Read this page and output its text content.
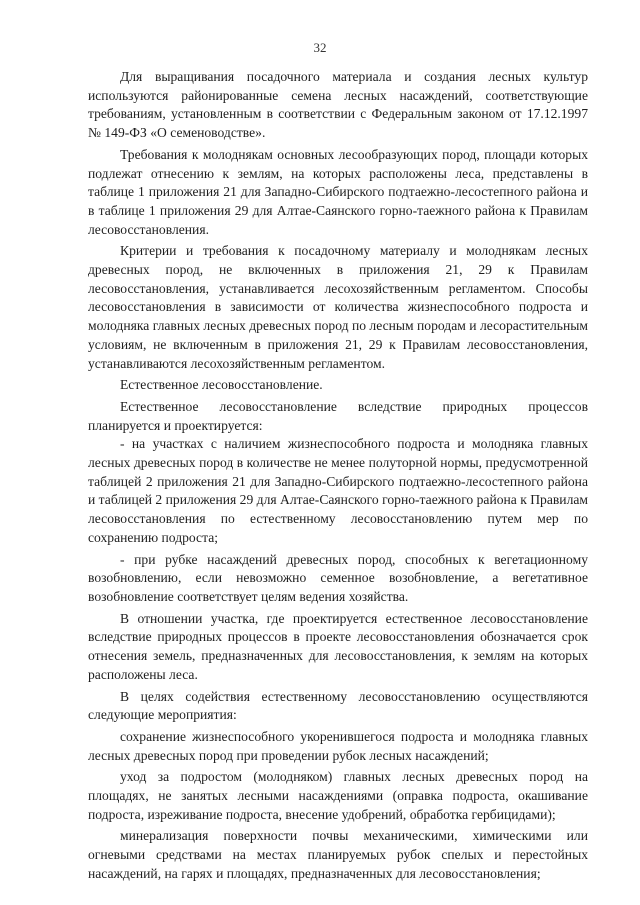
32

Для выращивания посадочного материала и создания лесных культур используются районированные семена лесных насаждений, соответствующие требованиям, установленным в соответствии с Федеральным законом от 17.12.1997 № 149-ФЗ «О семеноводстве».

Требования к молоднякам основных лесообразующих пород, площади которых подлежат отнесению к землям, на которых расположены леса, представлены в таблице 1 приложения 21 для Западно-Сибирского подтаежно-лесостепного района и в таблице 1 приложения 29 для Алтае-Саянского горно-таежного района к Правилам лесовосстановления.

Критерии и требования к посадочному материалу и молоднякам лесных древесных пород, не включенных в приложения 21, 29 к Правилам лесовосстановления, устанавливается лесохозяйственным регламентом. Способы лесовосстановления в зависимости от количества жизнеспособного подроста и молодняка главных лесных древесных пород по лесным породам и лесорастительным условиям, не включенным в приложения 21, 29 к Правилам лесовосстановления, устанавливаются лесохозяйственным регламентом.

Естественное лесовосстановление.

Естественное лесовосстановление вследствие природных процессов планируется и проектируется:

- на участках с наличием жизнеспособного подроста и молодняка главных лесных древесных пород в количестве не менее полуторной нормы, предусмотренной таблицей 2 приложения 21 для Западно-Сибирского подтаежно-лесостепного района и таблицей 2 приложения 29 для Алтае-Саянского горно-таежного района к Правилам лесовосстановления по естественному лесовосстановлению путем мер по сохранению подроста;

- при рубке насаждений древесных пород, способных к вегетационному возобновлению, если невозможно семенное возобновление, а вегетативное возобновление соответствует целям ведения хозяйства.

В отношении участка, где проектируется естественное лесовосстановление вследствие природных процессов в проекте лесовосстановления обозначается срок отнесения земель, предназначенных для лесовосстановления, к землям на которых расположены леса.

В целях содействия естественному лесовосстановлению осуществляются следующие мероприятия:

сохранение жизнеспособного укоренившегося подроста и молодняка главных лесных древесных пород при проведении рубок лесных насаждений;

уход за подростом (молодняком) главных лесных древесных пород на площадях, не занятых лесными насаждениями (оправка подроста, окашивание подроста, изреживание подроста, внесение удобрений, обработка гербицидами);

минерализация поверхности почвы механическими, химическими или огневыми средствами на местах планируемых рубок спелых и перестойных насаждений, на гарях и площадях, предназначенных для лесовосстановления;
